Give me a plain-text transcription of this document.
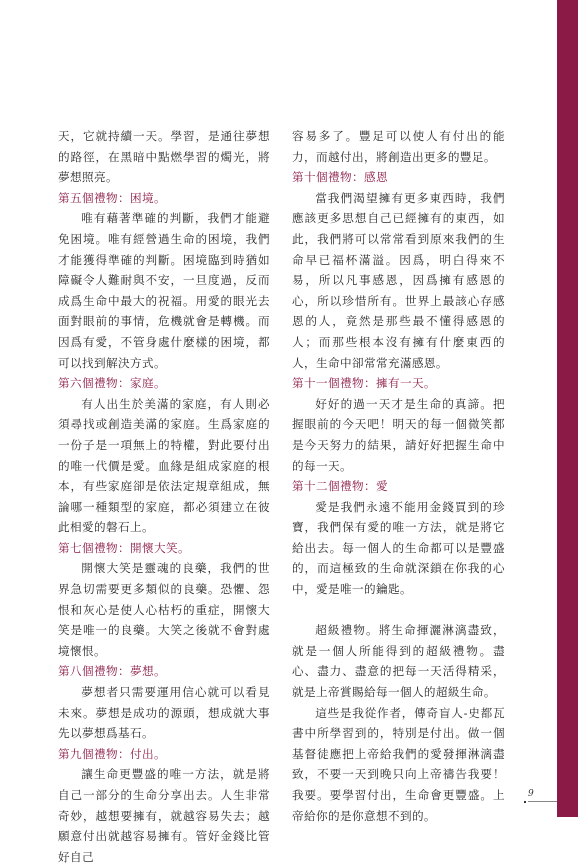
天，它就持續一天。學習，是通往夢想的路徑，在黑暗中點燃學習的燭光，將夢想照亮。

第五個禮物：困境。

唯有藉著準確的判斷，我們才能避免困境。唯有經營過生命的困境，我們才能獲得準確的判斷。困境臨到時猶如障礙令人難耐與不安，一旦度過，反而成爲生命中最大的祝福。用愛的眼光去面對眼前的事情，危機就會是轉機。而因爲有愛，不管身處什麼樣的困境，都可以找到解決方式。

第六個禮物：家庭。

有人出生於美滿的家庭，有人則必須尋找或創造美滿的家庭。生爲家庭的一份子是一項無上的特權，對此要付出的唯一代價是愛。血緣是組成家庭的根本，有些家庭卻是依法定規章組成，無論哪一種類型的家庭，都必須建立在彼此相愛的磐石上。

第七個禮物：開懷大笑。

開懷大笑是靈魂的良藥，我們的世界急切需要更多類似的良藥。恐懼、怨恨和灰心是使人心枯朽的重症，開懷大笑是唯一的良藥。大笑之後就不會對處境懷恨。

第八個禮物：夢想。

夢想者只需要運用信心就可以看見未來。夢想是成功的源頭，想成就大事先以夢想爲基石。

第九個禮物：付出。

讓生命更豐盛的唯一方法，就是將自己一部分的生命分享出去。人生非常奇妙，越想要擁有，就越容易失去；越願意付出就越容易擁有。管好金錢比管好自己

容易多了。豐足可以使人有付出的能力，而越付出，將創造出更多的豐足。

第十個禮物：感恩

當我們渴望擁有更多東西時，我們應該更多思想自己已經擁有的東西，如此，我們將可以常常看到原來我們的生命早已福杯滿溢。因爲，明白得來不易，所以凡事感恩，因爲擁有感恩的心，所以珍惜所有。世界上最該心存感恩的人，竟然是那些最不懂得感恩的人；而那些根本沒有擁有什麼東西的人，生命中卻常常充滿感恩。

第十一個禮物：擁有一天。

好好的過一天才是生命的真諦。把握眼前的今天吧！明天的每一個微笑都是今天努力的結果，請好好把握生命中的每一天。

第十二個禮物：愛

愛是我們永遠不能用金錢買到的珍寶，我們保有愛的唯一方法，就是將它給出去。每一個人的生命都可以是豐盛的，而這極致的生命就深鎖在你我的心中，愛是唯一的鑰匙。

超級禮物。將生命揮灑淋漓盡致，就是一個人所能得到的超級禮物。盡心、盡力、盡意的把每一天活得精采，就是上帝賞賜給每一個人的超級生命。

這些是我從作者，傳奇盲人-史都瓦書中所學習到的，特別是付出。做一個基督徒應把上帝給我們的愛發揮淋漓盡致，不要一天到晚只向上帝禱告我要！我要。要學習付出，生命會更豐盛。上帝給你的是你意想不到的。

9
